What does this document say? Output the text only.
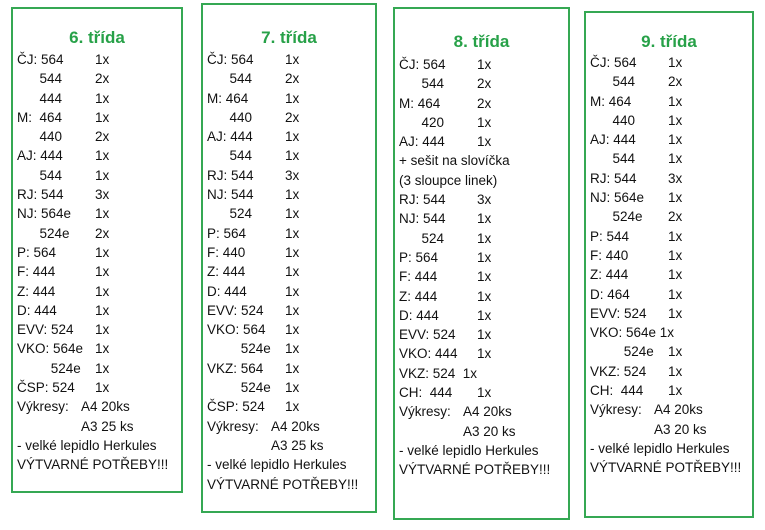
6. třída
ČJ: 564 1x
544 2x
444 1x
M:  464 1x
440 2x
AJ: 444 1x
544 1x
RJ: 544 3x
NJ: 564e 1x
524e 2x
P: 564	1x
F: 444	1x
Z: 444	1x
D: 444	1x
EVV: 524 1x
VKO: 564e 1x
524e 1x
ČSP: 524 1x
Výkresy: A4 20ks
A3 25 ks
- velké lepidlo Herkules
VÝTVARNÉ POTŘEBY!!!
7. třída
ČJ: 564 1x
544 2x
M: 464	1x
440 2x
AJ: 444 1x
544 1x
RJ: 544 3x
NJ: 544 1x
524 1x
P: 564	1x
F: 440	1x
Z: 444	1x
D: 444	1x
EVV: 524 1x
VKO: 564 1x
524e 1x
VKZ: 564 1x
524e 1x
ČSP: 524 1x
Výkresy: A4 20ks
A3 25 ks
- velké lepidlo Herkules
VÝTVARNÉ POTŘEBY!!!
8. třída
ČJ: 564 1x
544 2x
M: 464	2x
420 1x
AJ: 444 1x
+ sešit na slovíčka
(3 sloupce linek)
RJ: 544 3x
NJ: 544 1x
524 1x
P: 564	1x
F: 444	1x
Z: 444	1x
D: 444	1x
EVV: 524 1x
VKO: 444 1x
VKZ: 524  1x
CH:  444 1x
Výkresy: A4 20ks
A3 20 ks
- velké lepidlo Herkules
VÝTVARNÉ POTŘEBY!!!
9. třída
ČJ: 564 1x
544 2x
M: 464	1x
440 1x
AJ: 444 1x
544 1x
RJ: 544 3x
NJ: 564e 1x
524e 2x
P: 544	1x
F: 440	1x
Z: 444	1x
D: 464	1x
EVV: 524 1x
VKO: 564e 1x
524e 1x
VKZ: 524 1x
CH:  444 1x
Výkresy: A4 20ks
A3 20 ks
- velké lepidlo Herkules
VÝTVARNÉ POTŘEBY!!!
